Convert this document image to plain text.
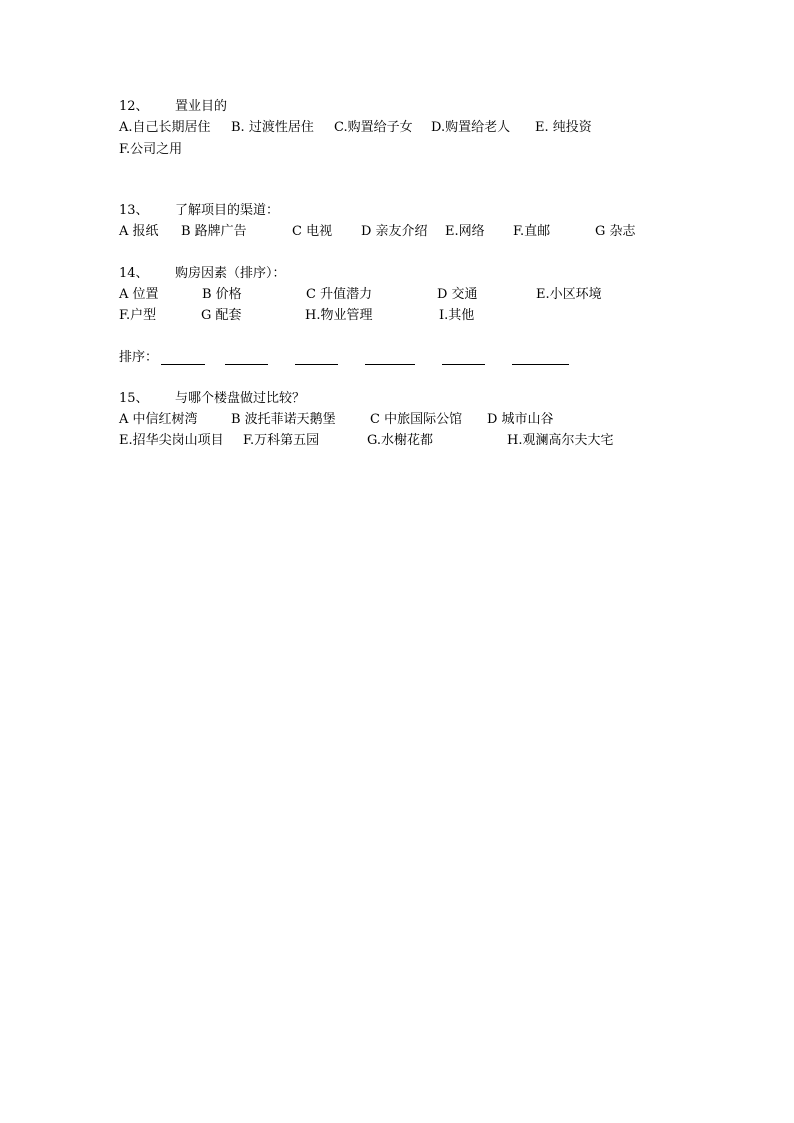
12、 置业目的
A.自己长期居住 B. 过渡性居住 C.购置给子女 D.购置给老人 E. 纯投资
F.公司之用
13、 了解项目的渠道：
A 报纸 B 路牌广告	C 电视 D 亲友介绍 E.网络 F.直邮	G 杂志
14、 购房因素（排序）：
A 位置	B 价格	C 升值潜力	D 交通	E.小区环境
F.户型	G 配套	H.物业管理	I.其他
排序：
15、 与哪个楼盘做过比较？
A 中信红树湾	B 波托菲诺天鹅堡	C 中旅国际公馆 D 城市山谷
E.招华尖岗山项目 F.万科第五园	G.水榭花都	H.观澜高尔夫大宅
